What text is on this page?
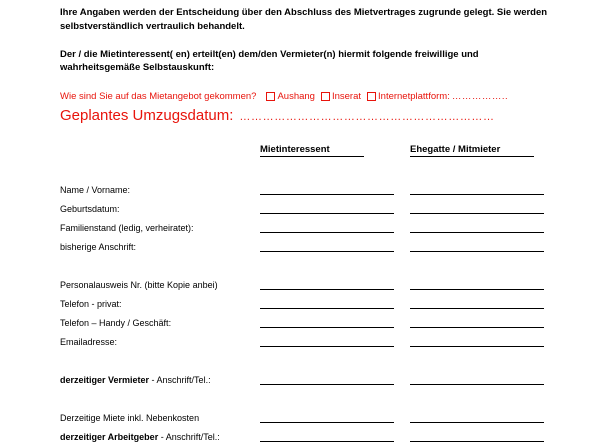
Ihre Angaben werden der Entscheidung über den Abschluss des Mietvertrages zugrunde gelegt. Sie werden selbstverständlich vertraulich behandelt.

Der / die Mietinteressent( en) erteilt(en) dem/den Vermieter(n) hiermit folgende freiwillige und wahrheitsgemäße Selbstauskunft:

Wie sind Sie auf das Mietangebot gekommen? Aushang Inserat Internetplattform: ……………..
Geplantes Umzugsdatum: …………………………………………………………
	Mietinteressent	Ehegatte / Mitmieter

Name / Vorname:	

Geburtsdatum:	

Familienstand (ledig, verheiratet):	

bisherige Anschrift:	

Personalausweis Nr. (bitte Kopie anbei)	

Telefon - privat:	

Telefon – Handy / Geschäft:	

Emailadresse:	

derzeitiger Vermieter - Anschrift/Tel.:	

Derzeitige Miete inkl. Nebenkosten	

derzeitiger Arbeitgeber - Anschrift/Tel.:	
